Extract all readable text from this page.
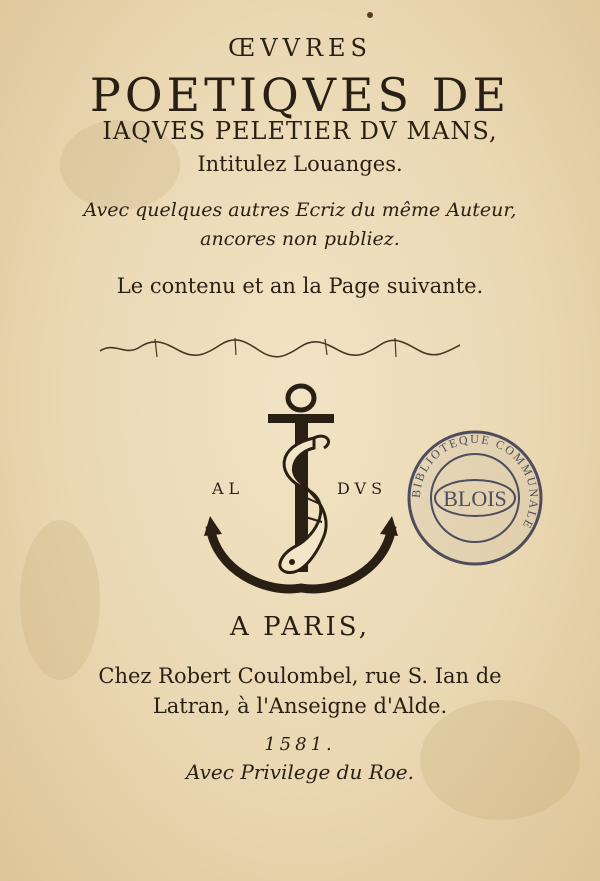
ŒVVRES
POETIQVES DE
IAQVES PELETIER DV MANS,
Intitulez Louanges.
Avec quelques autres Ecriz du même Auteur,
ancores non publiez.
Le contenu et an la Page suivante.
AL	DVS BIBLIOTEQUE COMMUNALE
BLOIS
A PARIS,
Chez Robert Coulombel, rue S. Ian de
Latran, à l'Anseigne d'Alde.
1581.
Avec Privilege du Roe.
